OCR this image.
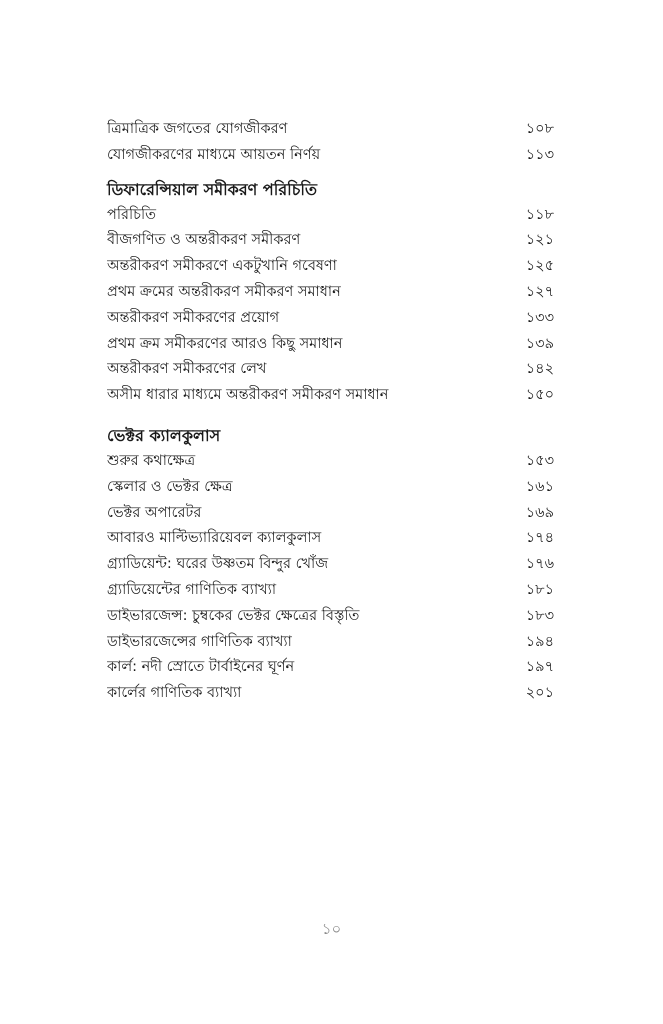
ত্রিমাত্রিক জগতের যোগজীকরণ	১০৮
যোগজীকরণের মাধ্যমে আয়তন নির্ণয়	১১৩
ডিফারেন্সিয়াল সমীকরণ পরিচিতি
পরিচিতি	১১৮
বীজগণিত ও অন্তরীকরণ সমীকরণ	১২১
অন্তরীকরণ সমীকরণে একটুখানি গবেষণা	১২৫
প্রথম ক্রমের অন্তরীকরণ সমীকরণ সমাধান	১২৭
অন্তরীকরণ সমীকরণের প্রয়োগ	১৩৩
প্রথম ক্রম সমীকরণের আরও কিছু সমাধান	১৩৯
অন্তরীকরণ সমীকরণের লেখ	১৪২
অসীম ধারার মাধ্যমে অন্তরীকরণ সমীকরণ সমাধান	১৫০
ভেক্টর ক্যালকুলাস
শুরুর কথাক্ষেত্র	১৫৩
স্কেলার ও ভেক্টর ক্ষেত্র	১৬১
ভেক্টর অপারেটর	১৬৯
আবারও মাল্টিভ্যারিয়েবল ক্যালকুলাস	১৭৪
গ্র্যাডিয়েন্ট: ঘরের উষ্ণতম বিন্দুর খোঁজ	১৭৬
গ্র্যাডিয়েন্টের গাণিতিক ব্যাখ্যা	১৮১
ডাইভারজেন্স: চুম্বকের ভেক্টর ক্ষেত্রের বিস্তৃতি	১৮৩
ডাইভারজেন্সের গাণিতিক ব্যাখ্যা	১৯৪
কার্ল: নদী স্রোতে টার্বাইনের ঘূর্ণন	১৯৭
কার্লের গাণিতিক ব্যাখ্যা	২০১
১০
